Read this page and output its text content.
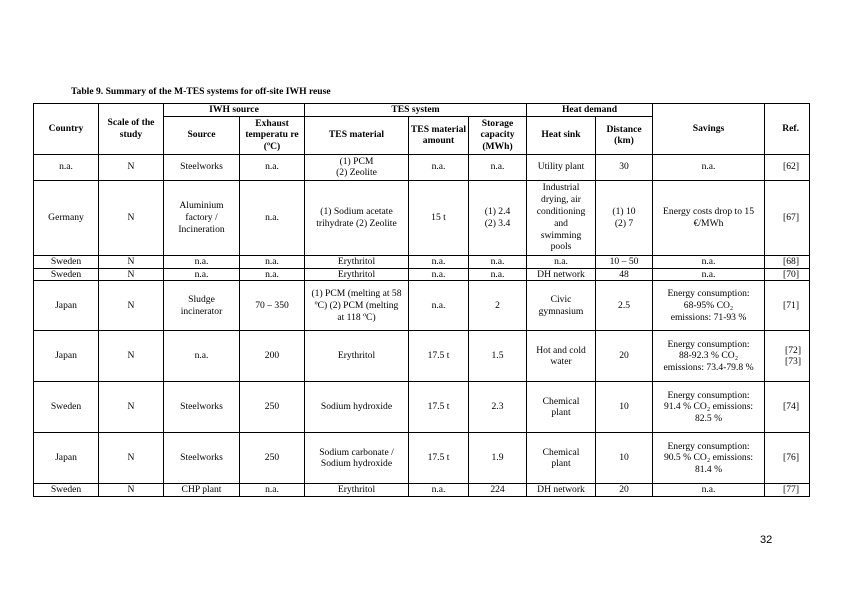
Table 9. Summary of the M-TES systems for off-site IWH reuse
Country	Scale of the study	IWH source		TES system			Heat demand		Savings	Ref.
		Source	Exhaust temperatu re (ºC)	TES material	TES material amount	Storage capacity (MWh)	Heat sink	Distance (km)		
n.a.	N	Steelworks	n.a.	(1) PCM (2) Zeolite	n.a.	n.a.	Utility plant	30	n.a.	[62]
Germany	N	Aluminium factory / Incineration	n.a.	(1) Sodium acetate trihydrate (2) Zeolite	15 t	(1) 2.4 (2) 3.4	Industrial drying, air conditioning and swimming pools	(1) 10 (2) 7	Energy costs drop to 15 €/MWh	[67]
Sweden	N	n.a.	n.a.	Erythritol	n.a.	n.a.	n.a.	10 – 50	n.a.	[68]
Sweden	N	n.a.	n.a.	Erythritol	n.a.	n.a.	DH network	48	n.a.	[70]
Japan	N	Sludge incinerator	70 – 350	(1) PCM (melting at 58 ºC) (2) PCM (melting at 118 ºC)	n.a.	2	Civic gymnasium	2.5	Energy consumption: 68-95% CO₂ emissions: 71-93 %	[71]
Japan	N	n.a.	200	Erythritol	17.5 t	1.5	Hot and cold water	20	Energy consumption: 88-92.3 % CO₂ emissions: 73.4-79.8 %	[72] [73]
Sweden	N	Steelworks	250	Sodium hydroxide	17.5 t	2.3	Chemical plant	10	Energy consumption: 91.4 % CO₂ emissions: 82.5 %	[74]
Japan	N	Steelworks	250	Sodium carbonate / Sodium hydroxide	17.5 t	1.9	Chemical plant	10	Energy consumption: 90.5 % CO₂ emissions: 81.4 %	[76]
Sweden	N	CHP plant	n.a.	Erythritol	n.a.	224	DH network	20	n.a.	[77]
32
